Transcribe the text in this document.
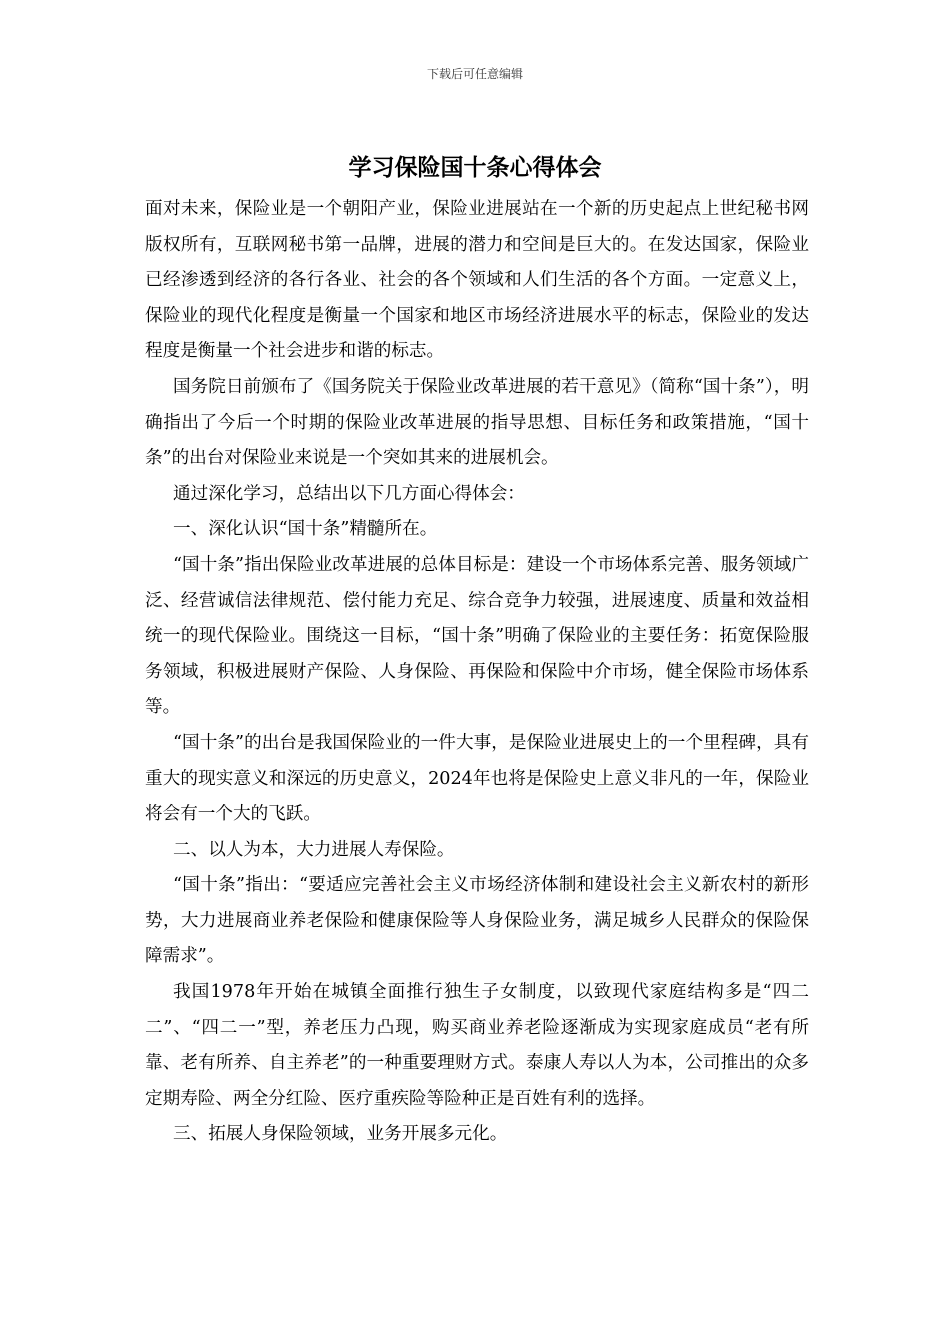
下载后可任意编辑
学习保险国十条心得体会

面对未来，保险业是一个朝阳产业，保险业进展站在一个新的历史起点上世纪秘书网版权所有，互联网秘书第一品牌，进展的潜力和空间是巨大的。在发达国家，保险业已经渗透到经济的各行各业、社会的各个领域和人们生活的各个方面。一定意义上，保险业的现代化程度是衡量一个国家和地区市场经济进展水平的标志，保险业的发达程度是衡量一个社会进步和谐的标志。

国务院日前颁布了《国务院关于保险业改革进展的若干意见》（简称“国十条”），明确指出了今后一个时期的保险业改革进展的指导思想、目标任务和政策措施，“国十条”的出台对保险业来说是一个突如其来的进展机会。

通过深化学习，总结出以下几方面心得体会：

一、深化认识“国十条”精髓所在。

“国十条”指出保险业改革进展的总体目标是：建设一个市场体系完善、服务领域广泛、经营诚信法律规范、偿付能力充足、综合竞争力较强，进展速度、质量和效益相统一的现代保险业。围绕这一目标，“国十条”明确了保险业的主要任务：拓宽保险服务领域，积极进展财产保险、人身保险、再保险和保险中介市场，健全保险市场体系等。

“国十条”的出台是我国保险业的一件大事，是保险业进展史上的一个里程碑，具有重大的现实意义和深远的历史意义，2024年也将是保险史上意义非凡的一年，保险业将会有一个大的飞跃。

二、以人为本，大力进展人寿保险。

“国十条”指出：“要适应完善社会主义市场经济体制和建设社会主义新农村的新形势，大力进展商业养老保险和健康保险等人身保险业务，满足城乡人民群众的保险保障需求”。

我国1978年开始在城镇全面推行独生子女制度，以致现代家庭结构多是“四二二”、“四二一”型，养老压力凸现，购买商业养老险逐渐成为实现家庭成员“老有所靠、老有所养、自主养老”的一种重要理财方式。泰康人寿以人为本，公司推出的众多定期寿险、两全分红险、医疗重疾险等险种正是百姓有利的选择。

三、拓展人身保险领域，业务开展多元化。
